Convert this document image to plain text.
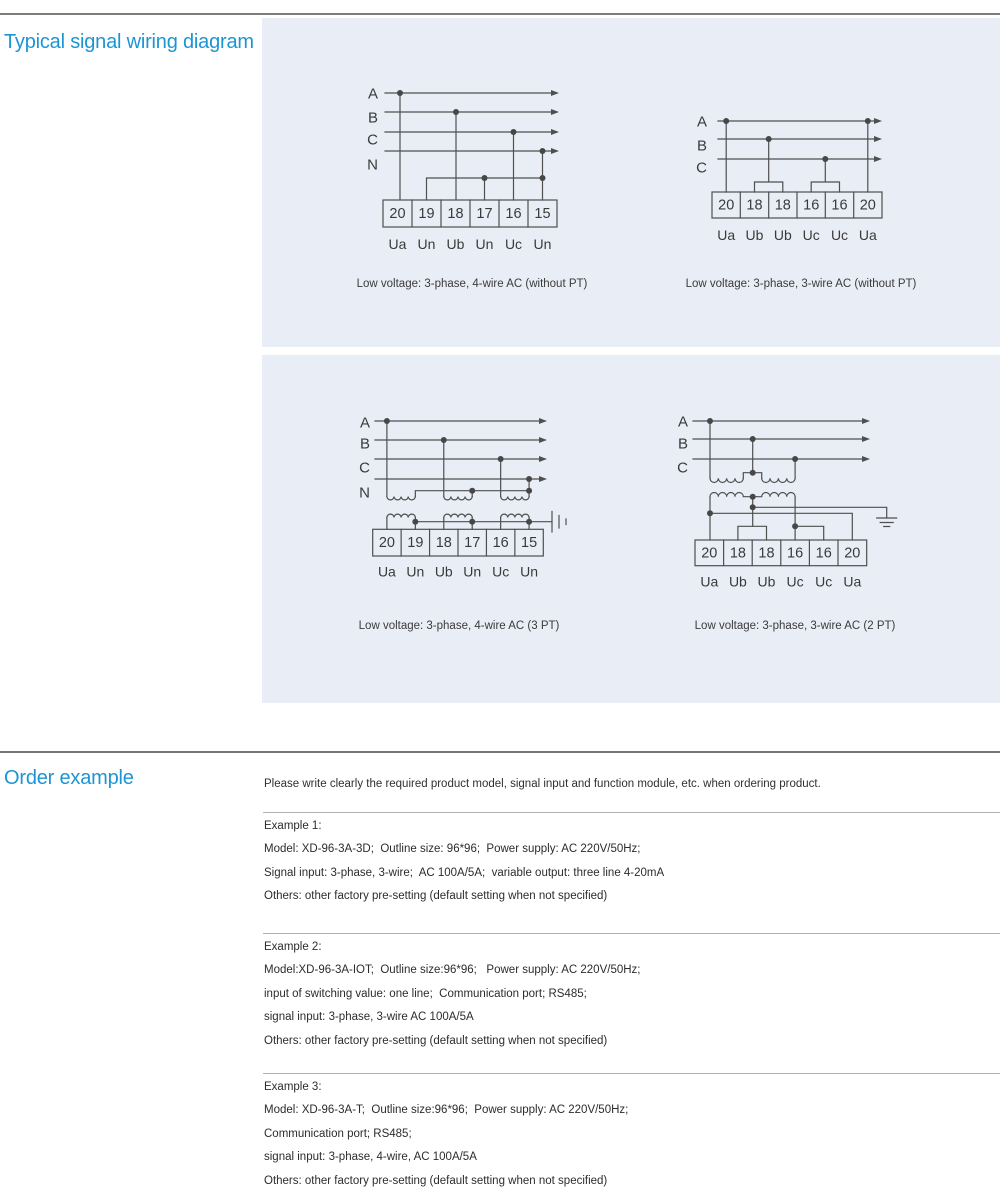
Typical signal wiring diagram
A
B
C
N
20 19 18 17 16 15
Ua Un Ub Un Uc Un
A
B
C
20 18 18 16 16 20
Ua Ub Ub Uc Uc Ua
A
B
C
N
20 19 18 17 16 15
Ua Un Ub Un Uc Un
A
B
C
20 18 18 16 16 20
Ua Ub Ub Uc Uc Ua
Low voltage: 3-phase, 4-wire AC (without PT)	Low voltage: 3-phase, 3-wire AC (without PT)
Low voltage: 3-phase, 4-wire AC (3 PT)	Low voltage: 3-phase, 3-wire AC (2 PT)
Order example	Please write clearly the required product model, signal input and function module, etc. when ordering product.
Example 1:
Model: XD-96-3A-3D;  Outline size: 96*96;  Power supply: AC 220V/50Hz;
Signal input: 3-phase, 3-wire;  AC 100A/5A;  variable output: three line 4-20mA
Others: other factory pre-setting (default setting when not specified)
Example 2:
Model:XD-96-3A-IOT;  Outline size:96*96;   Power supply: AC 220V/50Hz;
input of switching value: one line;  Communication port; RS485;
signal input: 3-phase, 3-wire AC 100A/5A
Others: other factory pre-setting (default setting when not specified)
Example 3:
Model: XD-96-3A-T;  Outline size:96*96;  Power supply: AC 220V/50Hz;
Communication port; RS485;
signal input: 3-phase, 4-wire, AC 100A/5A
Others: other factory pre-setting (default setting when not specified)
